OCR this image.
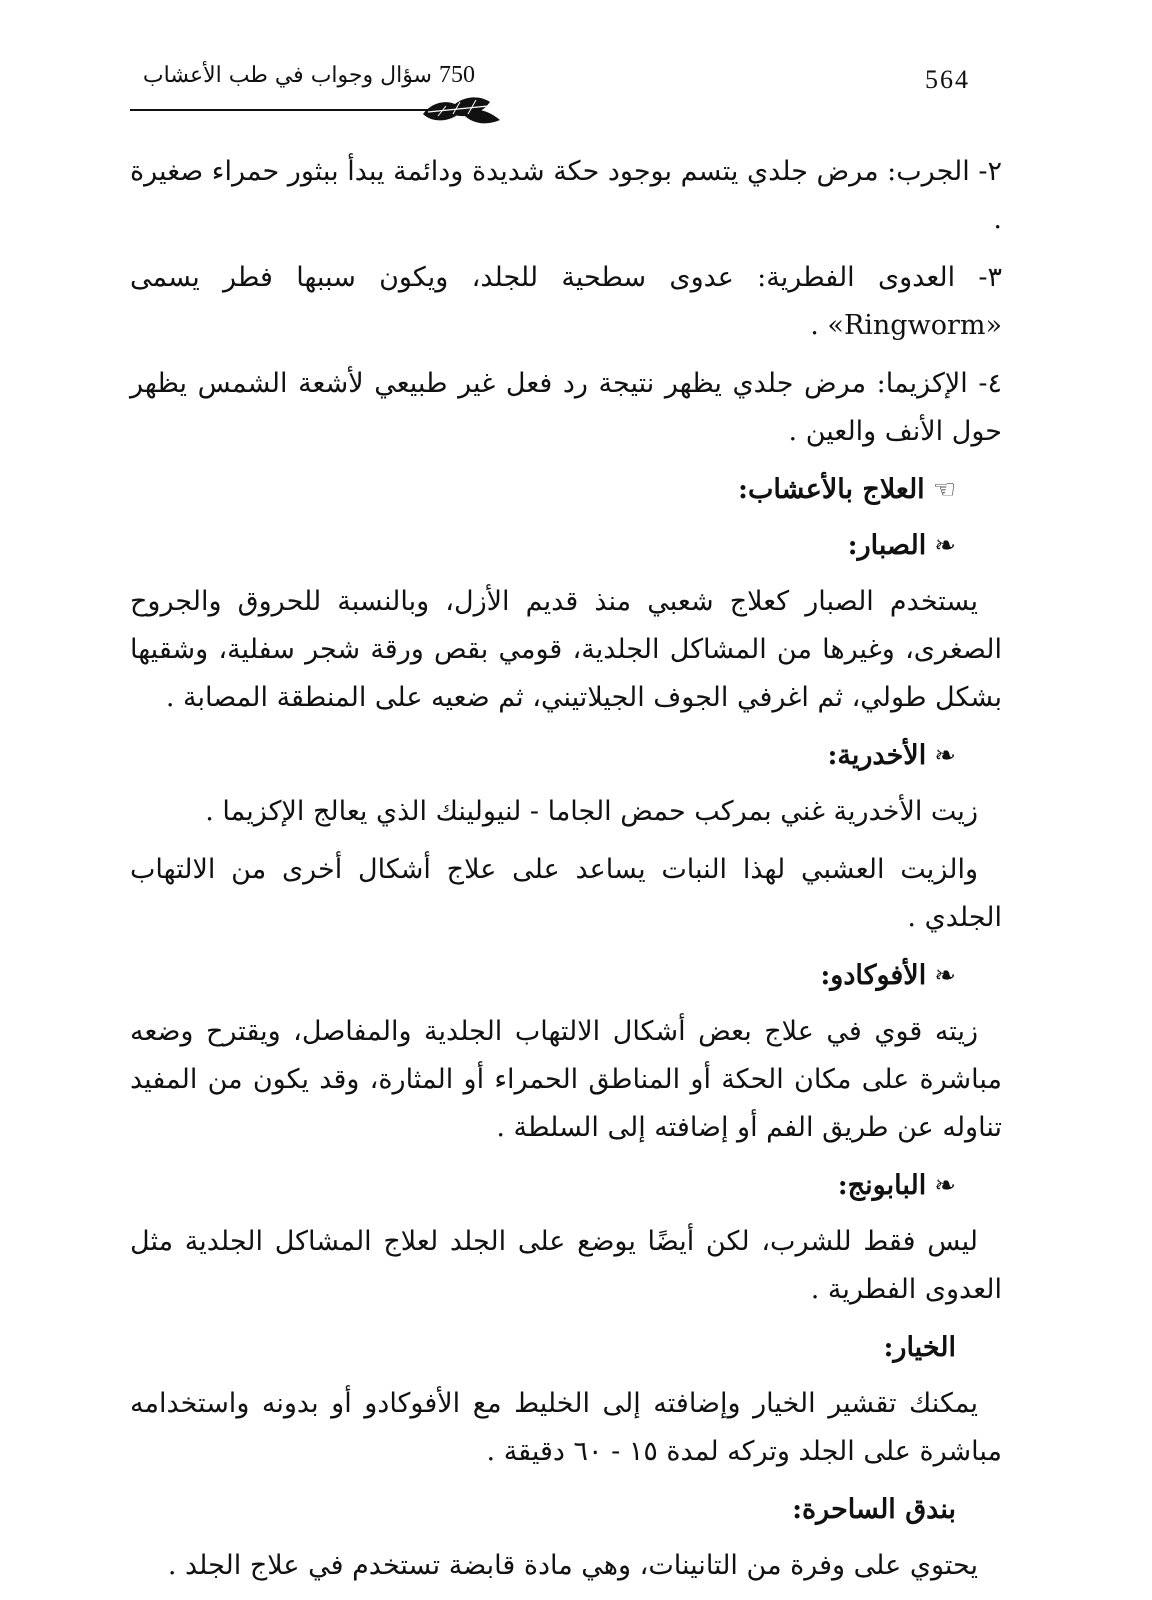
564
750 سؤال وجواب في طب الأعشاب

٢- الجرب: مرض جلدي يتسم بوجود حكة شديدة ودائمة يبدأ ببثور حمراء صغيرة .

٣- العدوى الفطرية: عدوى سطحية للجلد، ويكون سببها فطر يسمى «Ringworm» .

٤- الإكزيما: مرض جلدي يظهر نتيجة رد فعل غير طبيعي لأشعة الشمس يظهر حول الأنف والعين .

☜
العلاج بالأعشاب:
❧
الصبار:

يستخدم الصبار كعلاج شعبي منذ قديم الأزل، وبالنسبة للحروق والجروح الصغرى، وغيرها من المشاكل الجلدية، قومي بقص ورقة شجر سفلية، وشقيها بشكل طولي، ثم اغرفي الجوف الجيلاتيني، ثم ضعيه على المنطقة المصابة .

❧
الأخدرية:

زيت الأخدرية غني بمركب حمض الجاما - لنيولينك الذي يعالج الإكزيما .

والزيت العشبي لهذا النبات يساعد على علاج أشكال أخرى من الالتهاب الجلدي .

❧
الأفوكادو:

زيته قوي في علاج بعض أشكال الالتهاب الجلدية والمفاصل، ويقترح وضعه مباشرة على مكان الحكة أو المناطق الحمراء أو المثارة، وقد يكون من المفيد تناوله عن طريق الفم أو إضافته إلى السلطة .

❧
البابونج:

ليس فقط للشرب، لكن أيضًا يوضع على الجلد لعلاج المشاكل الجلدية مثل العدوى الفطرية .

الخيار:

يمكنك تقشير الخيار وإضافته إلى الخليط مع الأفوكادو أو بدونه واستخدامه مباشرة على الجلد وتركه لمدة ١٥ - ٦٠ دقيقة .

بندق الساحرة:

يحتوي على وفرة من التانينات، وهي مادة قابضة تستخدم في علاج الجلد .
